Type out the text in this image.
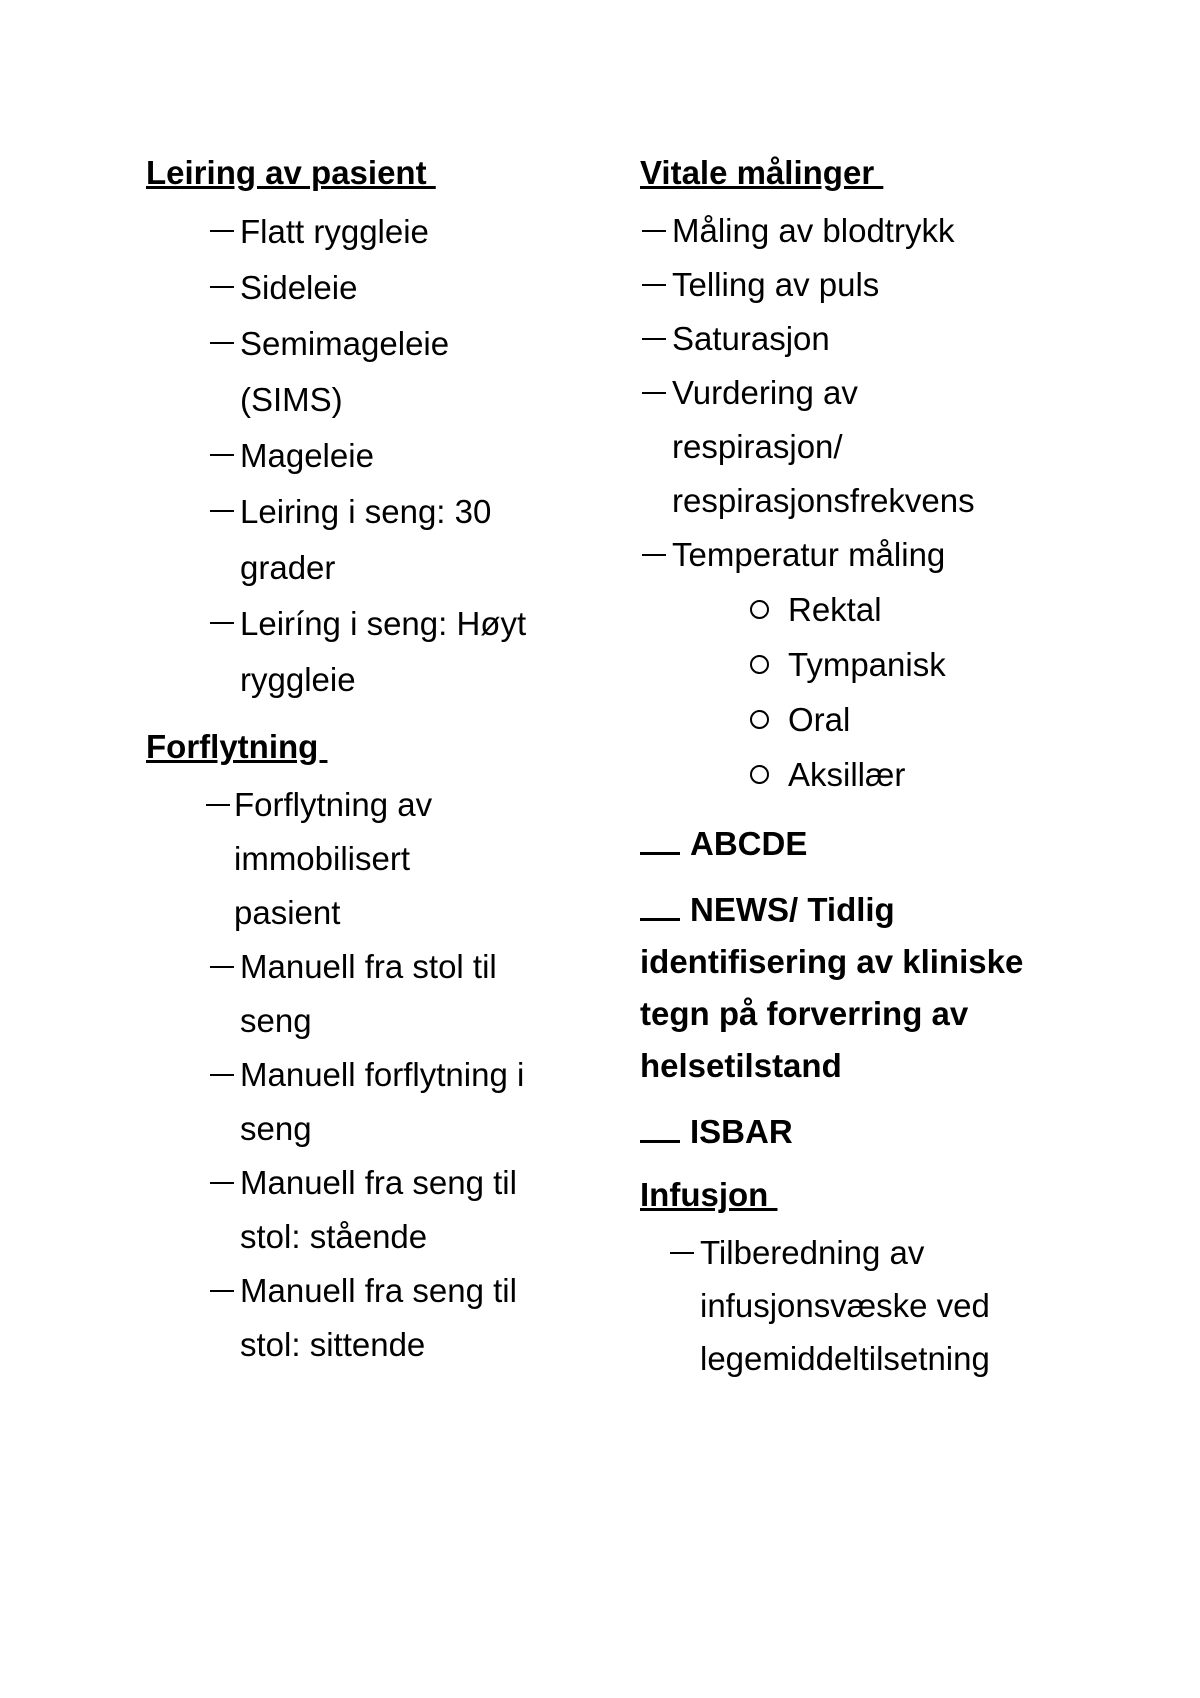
Leiring av pasient
Flatt ryggleie
Sideleie
Semimageleie (SIMS)
Mageleie
Leiring i seng: 30 grader
Leiríng i seng: Høyt ryggleie
Forflytning
Forflytning av immobilisert pasient
Manuell fra stol til seng
Manuell forflytning i seng
Manuell fra seng til stol: stående
Manuell fra seng til stol: sittende
Vitale målinger
Måling av blodtrykk
Telling av puls
Saturasjon
Vurdering av respirasjon/ respirasjonsfrekvens
Temperatur måling
Rektal
Tympanisk
Oral
Aksillær
ABCDE
NEWS/ Tidlig identifisering av kliniske tegn på forverring av helsetilstand
ISBAR
Infusjon
Tilberedning av infusjonsvæske ved legemiddeltilsetning
